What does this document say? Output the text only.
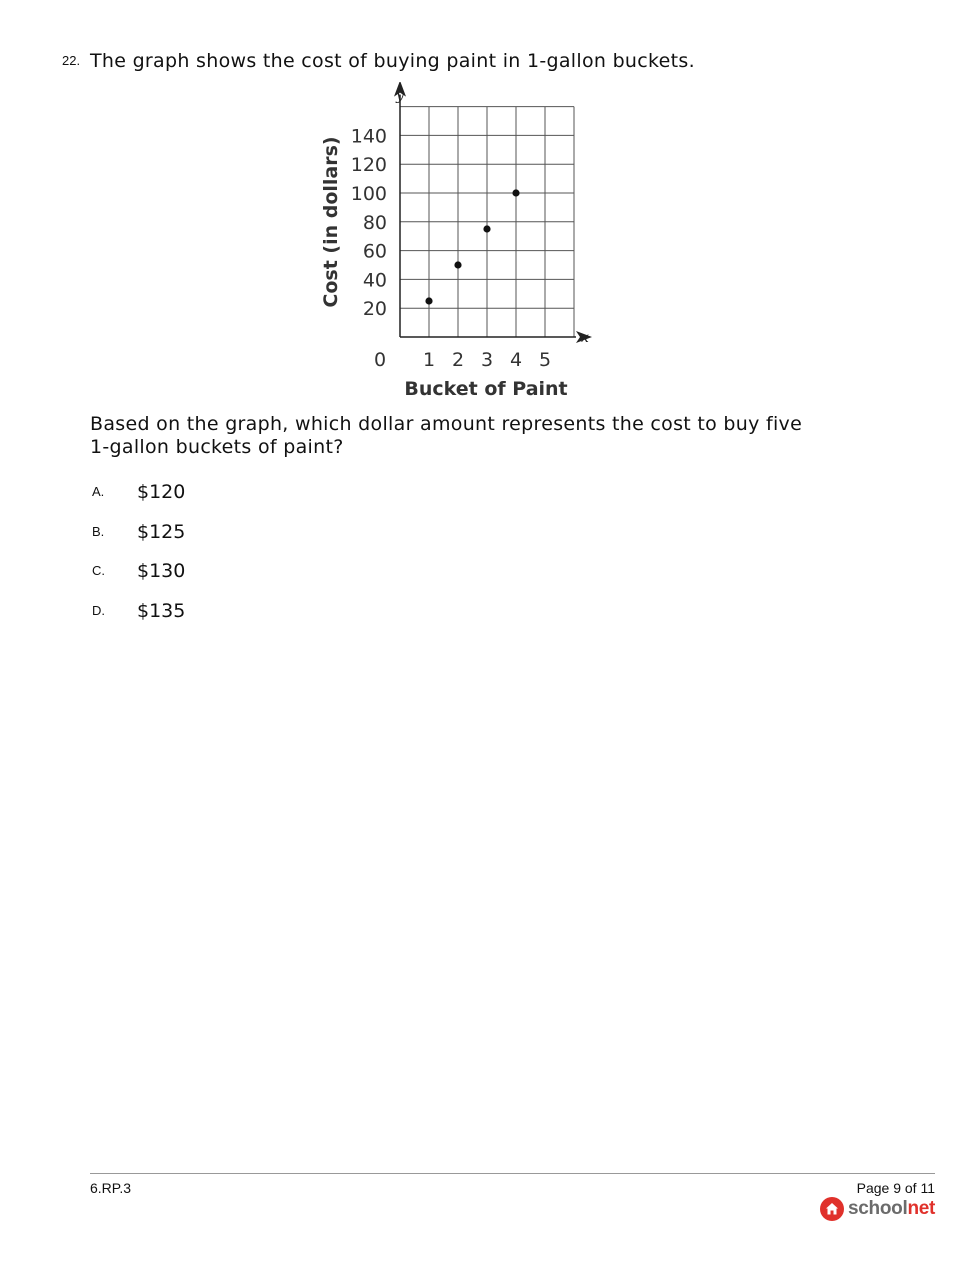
22. The graph shows the cost of buying paint in 1-gallon buckets.
1 2 3 4 5
20
40
60
80
100
120
140
y
x
0
Bucket of Paint
Cost (in dollars)
Based on the graph, which dollar amount represents the cost to buy five
1-gallon buckets of paint?
A. $120
B. $125
C. $130
D. $135
6.RP.3	Page 9 of 11
schoolnet
